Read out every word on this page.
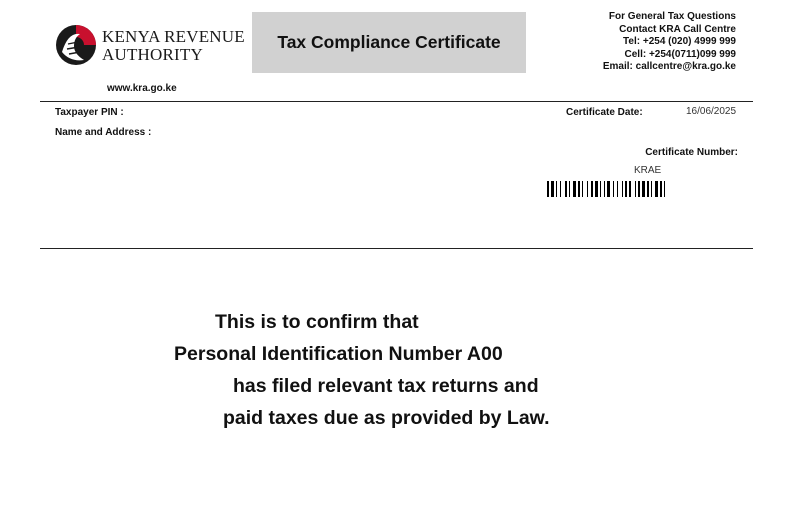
KENYA REVENUE
AUTHORITY
www.kra.go.ke
Tax Compliance Certificate
For General Tax Questions
Contact KRA Call Centre
Tel: +254 (020) 4999 999
Cell: +254(0711)099 999
Email: callcentre@kra.go.ke
Taxpayer PIN :
Name and Address :
Certificate Date:	16/06/2025
Certificate Number:
KRAE
This is to confirm that
Personal Identification Number A00
has filed relevant tax returns and
paid taxes due as provided by Law.
